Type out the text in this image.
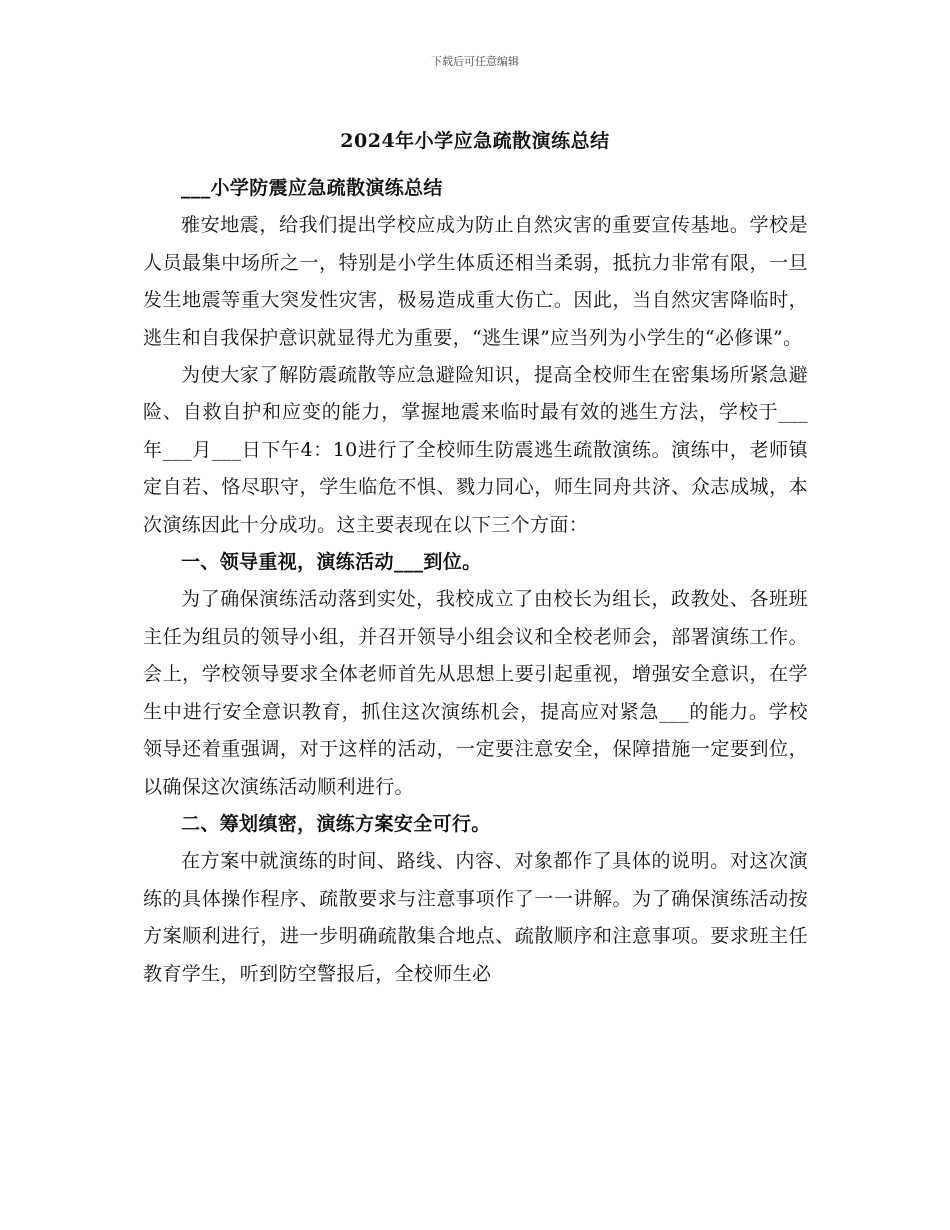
下载后可任意编辑
2024年小学应急疏散演练总结

___小学防震应急疏散演练总结

雅安地震，给我们提出学校应成为防止自然灾害的重要宣传基地。学校是人员最集中场所之一，特别是小学生体质还相当柔弱，抵抗力非常有限，一旦发生地震等重大突发性灾害，极易造成重大伤亡。因此，当自然灾害降临时，逃生和自我保护意识就显得尤为重要，“逃生课”应当列为小学生的“必修课”。

为使大家了解防震疏散等应急避险知识，提高全校师生在密集场所紧急避险、自救自护和应变的能力，掌握地震来临时最有效的逃生方法，学校于___年___月___日下午4：10进行了全校师生防震逃生疏散演练。演练中，老师镇定自若、恪尽职守，学生临危不惧、戮力同心，师生同舟共济、众志成城，本次演练因此十分成功。这主要表现在以下三个方面：

一、领导重视，演练活动___到位。

为了确保演练活动落到实处，我校成立了由校长为组长，政教处、各班班主任为组员的领导小组，并召开领导小组会议和全校老师会，部署演练工作。会上，学校领导要求全体老师首先从思想上要引起重视，增强安全意识，在学生中进行安全意识教育，抓住这次演练机会，提高应对紧急___的能力。学校领导还着重强调，对于这样的活动，一定要注意安全，保障措施一定要到位，以确保这次演练活动顺利进行。

二、筹划缜密，演练方案安全可行。

在方案中就演练的时间、路线、内容、对象都作了具体的说明。对这次演练的具体操作程序、疏散要求与注意事项作了一一讲解。为了确保演练活动按方案顺利进行，进一步明确疏散集合地点、疏散顺序和注意事项。要求班主任教育学生，听到防空警报后，全校师生必
